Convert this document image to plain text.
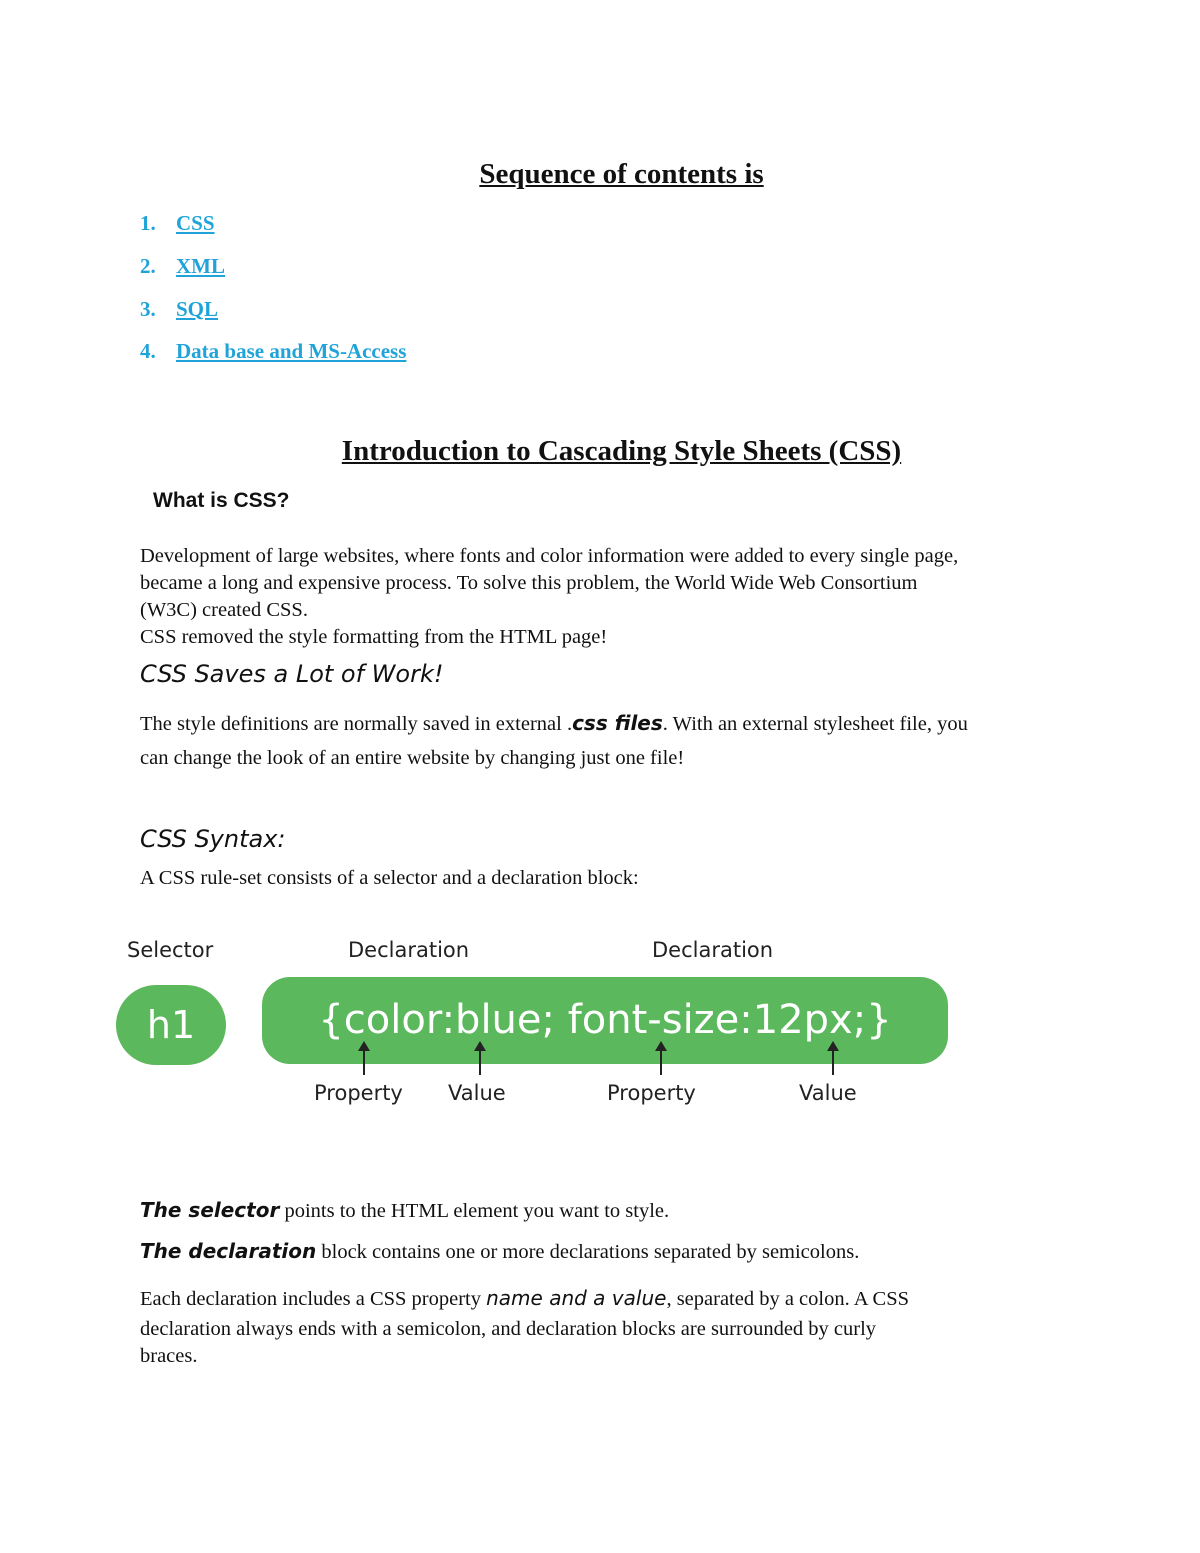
Sequence of contents is
1. CSS
2. XML
3. SQL
4. Data base and MS-Access
Introduction to Cascading Style Sheets (CSS)
What is CSS?
Development of large websites, where fonts and color information were added to every single page,
became a long and expensive process. To solve this problem, the World Wide Web Consortium
(W3C) created CSS.
CSS removed the style formatting from the HTML page!
CSS Saves a Lot of Work!
The style definitions are normally saved in external .css files. With an external stylesheet file, you
can change the look of an entire website by changing just one file!
CSS Syntax:
A CSS rule-set consists of a selector and a declaration block:
Selector	Declaration	Declaration
h1	{color:blue; font-size:12px;}
Property Value	Property	Value
The selector points to the HTML element you want to style.
The declaration block contains one or more declarations separated by semicolons.
Each declaration includes a CSS property name and a value, separated by a colon. A CSS
declaration always ends with a semicolon, and declaration blocks are surrounded by curly
braces.
